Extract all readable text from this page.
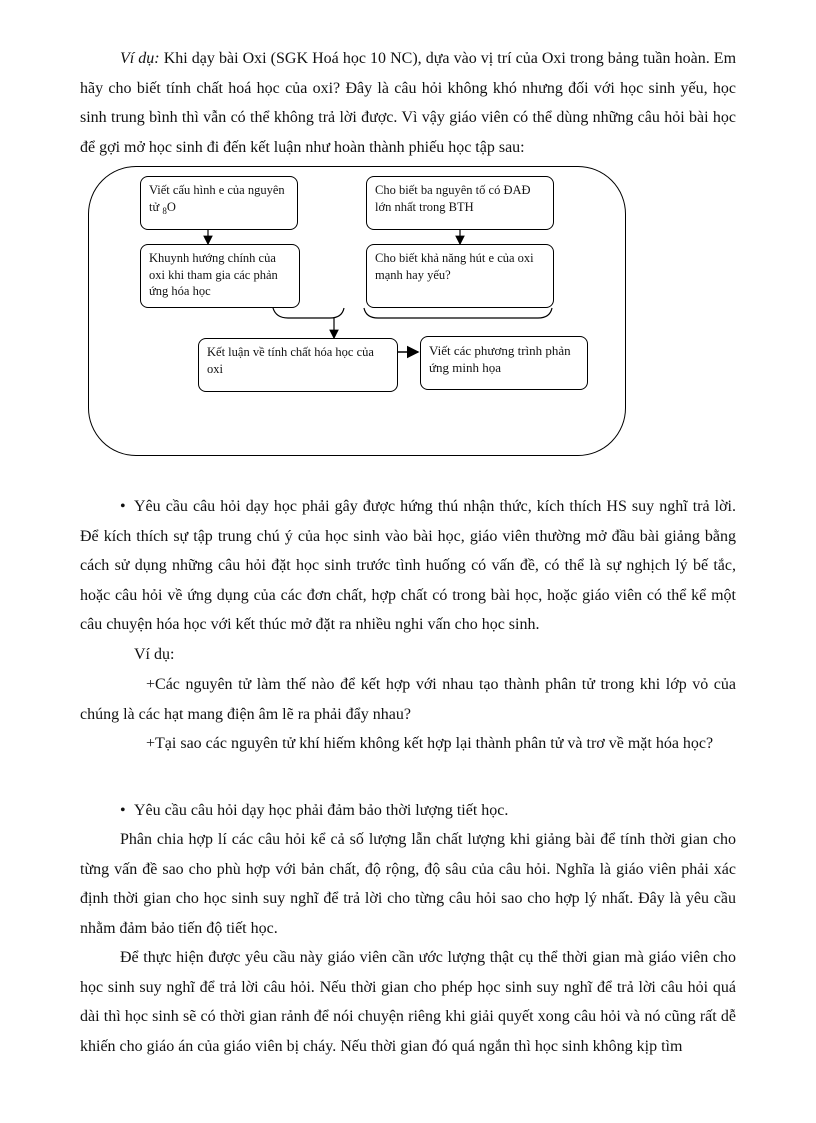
Ví dụ: Khi dạy bài Oxi (SGK Hoá học 10 NC), dựa vào vị trí của Oxi trong bảng tuần hoàn. Em hãy cho biết tính chất hoá học của oxi? Đây là câu hỏi không khó nhưng đối với học sinh yếu, học sinh trung bình thì vẫn có thể không trả lời được. Vì vậy giáo viên có thể dùng những câu hỏi bài học để gợi mở học sinh đi đến kết luận như hoàn thành phiếu học tập sau:

Viết cấu hình e của nguyên tử $_8$O
Cho biết ba nguyên tố có ĐAĐ lớn nhất trong BTH
Khuynh hướng chính của oxi khi tham gia các phản ứng hóa học
Cho biết khả năng hút e của oxi mạnh hay yếu?
Kết luận về tính chất hóa học của oxi
Viết các phương trình phản ứng minh họa

• Yêu cầu câu hỏi dạy học phải gây được hứng thú nhận thức, kích thích HS suy nghĩ trả lời. Để kích thích sự tập trung chú ý của học sinh vào bài học, giáo viên thường mở đầu bài giảng bằng cách sử dụng những câu hỏi đặt học sinh trước tình huống có vấn đề, có thể là sự nghịch lý bế tắc, hoặc câu hỏi về ứng dụng của các đơn chất, hợp chất có trong bài học, hoặc giáo viên có thể kể một câu chuyện hóa học với kết thúc mở đặt ra nhiều nghi vấn cho học sinh.

Ví dụ:

+Các nguyên tử làm thế nào để kết hợp với nhau tạo thành phân tử trong khi lớp vỏ của chúng là các hạt mang điện âm lẽ ra phải đẩy nhau?

+Tại sao các nguyên tử khí hiếm không kết hợp lại thành phân tử và trơ về mặt hóa học?

• Yêu cầu câu hỏi dạy học phải đảm bảo thời lượng tiết học.

Phân chia hợp lí các câu hỏi kể cả số lượng lẫn chất lượng khi giảng bài để tính thời gian cho từng vấn đề sao cho phù hợp với bản chất, độ rộng, độ sâu của câu hỏi. Nghĩa là giáo viên phải xác định thời gian cho học sinh suy nghĩ để trả lời cho từng câu hỏi sao cho hợp lý nhất. Đây là yêu cầu nhằm đảm bảo tiến độ tiết học.

Để thực hiện được yêu cầu này giáo viên cần ước lượng thật cụ thể thời gian mà giáo viên cho học sinh suy nghĩ để trả lời câu hỏi. Nếu thời gian cho phép học sinh suy nghĩ để trả lời câu hỏi quá dài thì học sinh sẽ có thời gian rảnh để nói chuyện riêng khi giải quyết xong câu hỏi và nó cũng rất dễ khiến cho giáo án của giáo viên bị cháy. Nếu thời gian đó quá ngắn thì học sinh không kịp tìm
